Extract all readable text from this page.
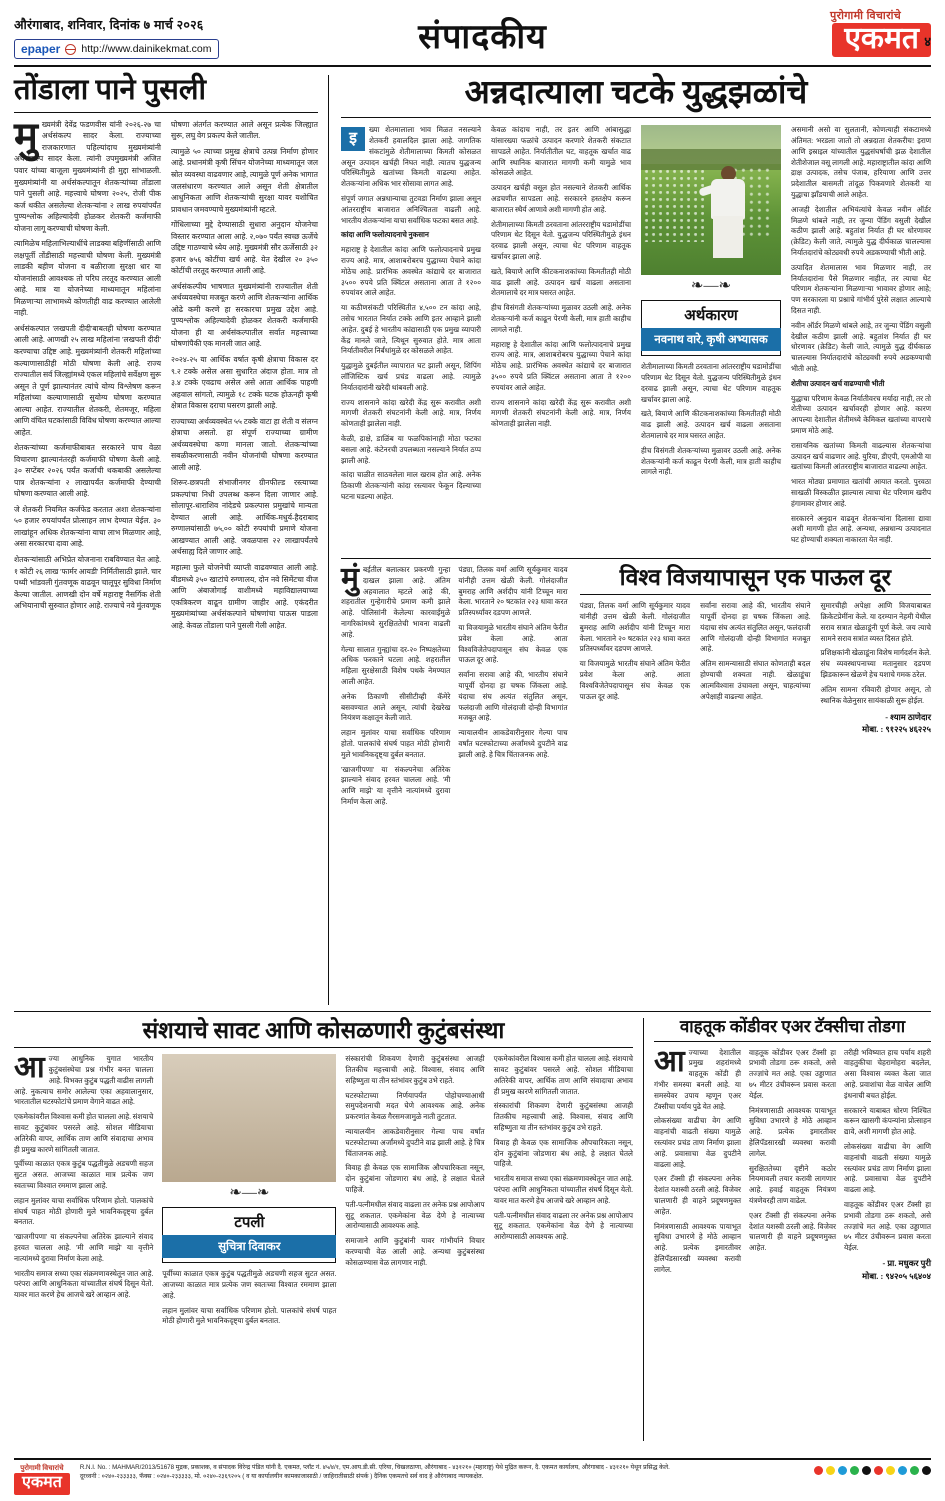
औरंगाबाद, शनिवार, दिनांक ७ मार्च २०२६
epaper http://www.dainikekmat.com	संपादकीय
पुरोगामी विचारांचे
एकमत ४
तोंडाला पाने पुसली

मुख्यमंत्री देवेंद्र फडणवीस यांनी २०२६-२७ चा अर्थसंकल्प सादर केला. राज्याच्या राजकारणात पहिल्यांदाच मुख्यमंत्र्यांनी अर्थसंकल्प सादर केला. त्यांनी उपमुख्यमंत्री अजित पवार यांच्या बाजूला मुख्यमंत्र्यांनी ही मुद्दा सांभाळली. मुख्यमंत्र्यांनी या अर्थसंकल्पातून शेतकऱ्यांच्या तोंडाला पाने पुसली आहे. महत्त्वाचे घोषणा २०२५, रोजी पीक कर्ज थकीत असलेल्या शेतकऱ्यांना २ लाख रुपयांपर्यंत पुण्यश्लोक अहिल्यादेवी होळकर शेतकरी कर्जमाफी योजना लागू करण्याची घोषणा केली.

त्यामिळेच महिलाभिल्याधींचे लाडक्या बहिणींसाठी आणि लक्षपूर्ती तोंडीसाठी महत्त्वाची घोषणा केली. मुख्यमंत्री लाडकी बहीण योजना व बळीराजा सुरक्षा धार या योजनांसाठी आवश्यक तो परिघ तरतूद करण्यात आली आहे. मात्र या योजनेच्या माध्यमातून महिलांना मिळणाऱ्या लाभामध्ये कोणतीही वाढ करण्यात आलेली नाही.

अर्थसंकल्पात 'लखपती दीदी'बाबतही घोषणा करण्यात आली आहे. आणखी २५ लाख महिलांना 'लखपती दीदी' करण्याचा उद्दिष्ट आहे. मुख्यमंत्र्यांनी शेतकरी महिलांच्या कल्याणासाठीही मोठी घोषणा केली आहे. राज्य राज्यातील सर्व जिल्ह्यांमध्ये एकल महिलांचे सर्वेक्षण सुरू असून ते पूर्ण झाल्यानंतर त्यांचे योग्य विश्लेषण करून महिलांच्या कल्याणासाठी सुयोग्य घोषणा करण्यात आल्या आहेत. राज्यातील शेतकरी, शेतमजूर, महिला आणि वंचित घटकांसाठी विविध घोषणा करण्यात आल्या आहेत.

शेतकऱ्यांच्या कर्जमाफीबाबत सरकारने पाच वेळा विचारणा झाल्यानंतरही कर्जमाफी घोषणा केली आहे. ३० सप्टेंबर २०२६ पर्यंत कर्जाची थकबाकी असलेल्या पात्र शेतकऱ्यांना २ लाखापर्यंत कर्जमाफी देण्याची घोषणा करण्यात आली आहे.

जे शेतकरी नियमित कर्जफेड करतात अशा शेतकऱ्यांना ५० हजार रुपयांपर्यंत प्रोत्साहन लाभ देण्यात येईल. ३० लाखांहून अधिक शेतकऱ्यांना याचा लाभ मिळणार आहे, असा सरकारचा दावा आहे.

शेतकऱ्यांसाठी अभिप्रेत योजनाना राबविण्यात येत आहे. १ कोटी २६ लाख 'फार्मर आयडी' निर्मितीसाठी झाले. चार पथ्यी भांडवली गुंतवणूक वाढवून चालूपूर सुविधा निर्माण केल्या जातील. आणखी दोन वर्षे महाराष्ट्र नैसर्गिक शेती अभियानाची सुरुवात होणार आहे. राज्याचे नवे मुंतवणूक घोषणा अंतर्गत करण्यात आले असून प्रत्येक जिल्ह्यात सुरू, लघु वेग प्रकल्प केले जातील.

त्यामुळे ५० त्याच्या प्रमुख क्षेत्राचे उत्पन्न निर्माण होणार आहे. प्रधानमंत्री कृषी सिंचन योजनेच्या माध्यमातून जल स्रोत व्यवस्था वाढवणार आहे, त्यामुळे पूर्ण अनेक भागात जलसंधारण करण्यात आले असून शेती क्षेत्रातील आधुनिकता आणि शेतकऱ्यांची सुरक्षा यावर यशोचित प्रावधान जमवण्याचे मुख्यमंत्र्यांनी म्हटले.

गोंधिलाच्या मुद्दे देण्यासाठी सुधारा अनुदान योजनेचा विस्तार करण्यात आला आहे. २,०७० पर्यंत स्वच्छ ऊर्जेचे उद्दिष्ट गाठण्याचे ध्येय आहे. मुख्यमंत्री सौर ऊर्जेसाठी ३२ हजार ७५६ कोटींचा खर्च आहे. येत देखील २० ३५० कोटींची तरतूद करण्यात आली आहे.

अर्थसंकल्पीय भाषणात मुख्यमंत्र्यांनी राज्यातील शेती अर्थव्यवस्थेचा मजबूत करणे आणि शेतकऱ्यांना आर्थिक ओढे कमी करणे हा सरकारचा प्रमुख उद्देश आहे. पुण्यश्लोक अहिल्यादेवी होळकर शेतकरी कर्जमाफी योजना ही या अर्थसंकल्पातील सर्वात महत्त्वाच्या घोषणांपैकी एक मानली जात आहे.

२०२४-२५ या आर्थिक वर्षात कृषी क्षेत्राचा विकास दर ९.२ टक्के असेल असा सुधारित अंदाज होता. मात्र तो ३.४ टक्के एवढाच असेल असे आता आर्थिक पाहणी अहवाल सांगतो, त्यामुळे १८ टक्के घटक होऊनही कृषी क्षेत्रात विकास दराचा घसरण झाली आहे.

राज्याच्या अर्थव्यवस्थेत ५५ टक्के वाटा हा शेती व संलग्न क्षेत्राचा असतो. हा संपूर्ण राज्याच्या ग्रामीण अर्थव्यवस्थेचा कणा मानला जातो. शेतकऱ्यांच्या सबळीकरणासाठी नवीन योजनांची घोषणा करण्यात आली आहे.

शिरूर-छत्रपती संभाजीनगर ग्रीनफील्ड रस्त्याच्या प्रकल्पांचा निधी उपलब्ध करून दिला जाणार आहे. सोलापूर-धाराशिव नांदेडचे प्रकल्पास प्रमुखांचे मान्यता देण्यात आली आहे. आर्थिक-मधुर्य-हैदराबाद रुग्णालयांसाठी ७५,०० कोटी रुपयांची प्रमाणे योजना आखण्यात आली आहे. जवळपास २२ लाखापर्यंतचे अर्थसाह्य दिले जाणार आहे.

महात्मा फुले योजनेची व्याप्ती वाढवण्यात आली आहे. बीडमध्ये ३५० खाटांचे रुग्णालय, दोन नवे सिमेंटचा वीज आणि अंबाजोगाई वाशीमध्ये महाविद्यालयाच्या एकत्रिकरण वाढून ग्रामीण जाहीर आहे. एकंदरीत मुख्यमंत्र्यांच्या अर्थसंकल्पाने घोषणांचा पाऊस पाडला आहे. केवळ तोंडाला पाने पुसली गेली आहेत.

अन्नदात्याला चटके युद्धझळांचे
इ

ख्या शेतमालाला भाव मिळत नसल्याने शेतकरी हवालदिल झाला आहे. जागतिक संकटांमुळे शेतीमालाच्या किमती कोसळत असून उत्पादन खर्चही निघत नाही. त्यातच युद्धजन्य परिस्थितीमुळे खतांच्या किमती वाढल्या आहेत. शेतकऱ्यांना अधिक भार सोसावा लागत आहे.

संपूर्ण जगात अन्नधान्याचा तुटवडा निर्माण झाला असून आंतरराष्ट्रीय बाजारात अनिश्चितता वाढली आहे. भारतीय शेतकऱ्यांना याचा सर्वाधिक फटका बसत आहे.

कांदा आणि फलोत्पादनाचे नुकसान

महाराष्ट्र हे देशातील कांदा आणि फलोत्पादनाचे प्रमुख राज्य आहे. मात्र, आशाबरोबरच युद्धाच्या पेचाने कांदा मोठेच आहे. प्रारंभिक अवस्थेत कांद्याचे दर बाजारात ३५०० रुपये प्रति क्विंटल असताना आता ते १२०० रुपयांवर आले आहेत.

या कठीणसंकटी परिस्थितीत ४,५०० टन कांदा आहे, तसेच भारतात निर्यात टक्के आणि इतर आव्हाने झाली आहेत. दुबई हे भारतीय कांद्यासाठी एक प्रमुख व्यापारी केंद्र मानले जाते, त्यिथून सुरुवात होते. मात्र आता निर्यातीवरील निर्बंधांमुळे दर कोसळले आहेत.

युद्धामुळे दुबईतील व्यापारात घट झाली असून, शिपिंग लॉजिस्टिक खर्च प्रचंड वाढला आहे. त्यामुळे निर्यातदारांनी खरेदी थांबवली आहे.

राज्य शासनाने कांदा खरेदी केंद्र सुरू करावीत अशी मागणी शेतकरी संघटनांनी केली आहे. मात्र, निर्णय कोणताही झालेला नाही.

केळी, द्राक्षे, डाळिंब या फळपिकांनाही मोठा फटका बसला आहे. कंटेनरची उपलब्धता नसल्याने निर्यात ठप्प झाली आहे.

कांदा चाळीत साठवलेला माल खराब होत आहे. अनेक ठिकाणी शेतकऱ्यांनी कांदा रस्त्यावर फेकून दिल्याच्या घटना घडल्या आहेत.

केवळ कांदाच नाही, तर इतर आणि आंबासुद्धा यांसारख्या फळांचे उत्पादन करणारे शेतकरी संकटात सापडले आहेत. निर्यातीतील घट, वाहतूक खर्चात वाढ आणि स्थानिक बाजारात मागणी कमी यामुळे भाव कोसळले आहेत.

उत्पादन खर्चही वसूल होत नसल्याने शेतकरी आर्थिक अडचणीत सापडला आहे. सरकारने हस्तक्षेप करून बाजारात स्थैर्य आणावे अशी मागणी होत आहे.

शेतीमालाच्या किमती ठरवताना आंतरराष्ट्रीय घडामोडींचा परिणाम थेट दिसून येतो. युद्धजन्य परिस्थितीमुळे इंधन दरवाढ झाली असून, त्याचा थेट परिणाम वाहतूक खर्चावर झाला आहे.

खते, बियाणे आणि कीटकनाशकांच्या किमतीतही मोठी वाढ झाली आहे. उत्पादन खर्च वाढला असताना शेतमालाचे दर मात्र घसरत आहेत.

हीच विसंगती शेतकऱ्यांच्या मुळावर उठली आहे. अनेक शेतकऱ्यांनी कर्ज काढून पेरणी केली, मात्र हाती काहीच लागले नाही.

महाराष्ट्र हे देशातील कांदा आणि फलोत्पादनाचे प्रमुख राज्य आहे. मात्र, आशाबरोबरच युद्धाच्या पेचाने कांदा मोठेच आहे. प्रारंभिक अवस्थेत कांद्याचे दर बाजारात ३५०० रुपये प्रति क्विंटल असताना आता ते १२०० रुपयांवर आले आहेत.

राज्य शासनाने कांदा खरेदी केंद्र सुरू करावीत अशी मागणी शेतकरी संघटनांनी केली आहे. मात्र, निर्णय कोणताही झालेला नाही.

❧—❧
अर्थकारण
नवनाथ वारे, कृषी अभ्यासक

शेतीमालाच्या किमती ठरवताना आंतरराष्ट्रीय घडामोडींचा परिणाम थेट दिसून येतो. युद्धजन्य परिस्थितीमुळे इंधन दरवाढ झाली असून, त्याचा थेट परिणाम वाहतूक खर्चावर झाला आहे.

खते, बियाणे आणि कीटकनाशकांच्या किमतीतही मोठी वाढ झाली आहे. उत्पादन खर्च वाढला असताना शेतमालाचे दर मात्र घसरत आहेत.

हीच विसंगती शेतकऱ्यांच्या मुळावर उठली आहे. अनेक शेतकऱ्यांनी कर्ज काढून पेरणी केली, मात्र हाती काहीच लागले नाही.

असमानी असो वा सुलतानी, कोणत्याही संकटामध्ये अंतिमत: भरडला जातो तो अन्नदाता शेतकरीच! इराण आणि इस्राइल यांच्यातील युद्धसंघर्षाची झळ देशातील शेतीशेजाल वसू लागली आहे. महाराष्ट्रातील कांदा आणि द्राक्ष उत्पादक, तसेच पंजाब, हरियाणा आणि उत्तर प्रदेशातील बासमती तांदूळ पिकवणारे शेतकरी या युद्धाचा झाँडयाची आले आहेत.

आजही देशातील अभियंत्यांचे केवळ नवीन ऑर्डर मिळणे थांबले नाही, तर जुन्या पेंडिंग वसुली देखील कठीण झाली आहे. बहुतांश निर्यात ही घर धोरणावर (क्रेडिट) केली जाते, त्यामुळे युद्ध दीर्घकाळ चालल्यास निर्यातदारांचे कोट्यवधी रुपये अडकण्याची भीती आहे.

उत्पादित शेतमालास भाव मिळणार नाही, तर निर्यातदारांना पैसे मिळणार नाहीत, तर त्याचा थेट परिणाम शेतकऱ्यांना मिळणाऱ्या भावावर होणार आहे; पण सरकारला या प्रश्नाचे गांभीर्य पुरेसे लक्षात आल्याचे दिसत नाही.

नवीन ऑर्डर मिळणे थांबले आहे, तर जुन्या पेंडिंग वसुली देखील कठीण झाली आहे. बहुतांश निर्यात ही घर धोरणावर (क्रेडिट) केली जाते, त्यामुळे युद्ध दीर्घकाळ चालल्यास निर्यातदारांचे कोट्यवधी रुपये अडकण्याची भीती आहे.

शेतीचा उत्पादन खर्च वाढण्याची भीती

युद्धाचा परिणाम केवळ निर्यातीवरच मर्यादा नाही, तर तो शेतीच्या उत्पादन खर्चावरही होणार आहे. कारण आपल्या देशातील शेतीमध्ये केमिकल खतांच्या वापराचे प्रमाण मोठे आहे.

रासायनिक खतांच्या किमती वाढल्यास शेतकऱ्यांचा उत्पादन खर्च वाढणार आहे. युरिया, डीएपी, एमओपी या खतांच्या किमती आंतरराष्ट्रीय बाजारात वाढल्या आहेत.

भारत मोठ्या प्रमाणात खतांची आयात करतो. पुरवठा साखळी विस्कळीत झाल्यास त्याचा थेट परिणाम खरीप हंगामावर होणार आहे.

सरकारने अनुदान वाढवून शेतकऱ्यांना दिलासा द्यावा अशी मागणी होत आहे. अन्यथा, अन्नधान्य उत्पादनात घट होण्याची शक्यता नाकारता येत नाही.

मुंबईतील बलात्कार प्रकरणी गुन्हा दाखल झाला आहे. अंतिम अहवालात म्हटले आहे की, शहरातील गुन्हेगारीचे प्रमाण कमी झाले आहे. पोलिसांनी केलेल्या कारवाईमुळे नागरिकांमध्ये सुरक्षिततेची भावना वाढली आहे.

गेल्या सालात गुन्ह्यांचा दर-२० निष्पक्षतेच्या अधिक फरकाने घटला आहे. शहरातील महिला सुरक्षेसाठी विशेष पथके नेमण्यात आली आहेत.

अनेक ठिकाणी सीसीटीव्ही कॅमेरे बसवण्यात आले असून, त्यांची देखरेख नियंत्रण कक्षातून केली जाते.

लहान मुलांवर याचा सर्वाधिक परिणाम होतो. पालकांचे संघर्ष पाहत मोठी होणारी मुले भावनिकदृष्ट्या दुर्बल बनतात.

'खाजगीपणा' या संकल्पनेचा अतिरेक झाल्याने संवाद हरवत चालला आहे. 'मी आणि माझे' या वृत्तीने नात्यांमध्ये दुरावा निर्माण केला आहे.

पंड्या, तिलक वर्मा आणि सूर्यकुमार यादव यांनीही उत्तम खेळी केली. गोलंदाजीत बुमराह आणि अर्शदीप यांनी टिच्चून मारा केला. भारताने २० षटकांत २२३ धावा करत प्रतिस्पर्ध्यांवर दडपण आणले.

या विजयामुळे भारतीय संघाने अंतिम फेरीत प्रवेश केला आहे. आता विश्वविजेतेपदापासून संघ केवळ एक पाऊल दूर आहे.

सर्वांना सरावा आहे की, भारतीय संघाने यापूर्वी दोनदा हा चषक जिंकला आहे. यंदाचा संघ अत्यंत संतुलित असून, फलंदाजी आणि गोलंदाजी दोन्ही विभागांत मजबूत आहे.

न्यायालयीन आकडेवारीनुसार गेल्या पाच वर्षांत घटस्फोटाच्या अर्जांमध्ये दुपटीने वाढ झाली आहे. हे चित्र चिंताजनक आहे.

विश्व विजयापासून एक पाऊल दूर

पंड्या, तिलक वर्मा आणि सूर्यकुमार यादव यांनीही उत्तम खेळी केली. गोलंदाजीत बुमराह आणि अर्शदीप यांनी टिच्चून मारा केला. भारताने २० षटकांत २२३ धावा करत प्रतिस्पर्ध्यांवर दडपण आणले.

या विजयामुळे भारतीय संघाने अंतिम फेरीत प्रवेश केला आहे. आता विश्वविजेतेपदापासून संघ केवळ एक पाऊल दूर आहे.

सर्वांना सरावा आहे की, भारतीय संघाने यापूर्वी दोनदा हा चषक जिंकला आहे. यंदाचा संघ अत्यंत संतुलित असून, फलंदाजी आणि गोलंदाजी दोन्ही विभागांत मजबूत आहे.

अंतिम सामन्यासाठी संघात कोणताही बदल होण्याची शक्यता नाही. खेळाडूंचा आत्मविश्वास उंचावला असून, चाहत्यांच्या अपेक्षाही वाढल्या आहेत.

सुमारचीही अपेक्षा आणि विजयाबाबत क्रिकेटप्रेमींना केले. या दरम्यान नेहमी येथील सराव सत्रात खेळाडूंनी पूर्ण केले. जय त्याचे सामने सराव सत्रांत व्यस्त दिसत होते.

प्रशिक्षकांनी खेळाडूंना विशेष मार्गदर्शन केले. संघ व्यवस्थापनाच्या मतानुसार दडपण झिडकारून खेळणे हेच यशाचे गमक ठरेल.

अंतिम सामना रविवारी होणार असून, तो स्थानिक वेळेनुसार सायंकाळी सुरू होईल.

- श्याम ठाणेदार
मोबा. : ९१२२५ ४६२२५
संशयाचे सावट आणि कोसळणारी कुटुंबसंस्था

आज्या आधुनिक युगात भारतीय कुटुंबसंस्थेचा प्रश्न गंभीर बनत चालला आहे. विभक्त कुटुंब पद्धती वाढीस लागली आहे. नुकत्याच समोर आलेल्या एका अहवालानुसार, भारतातील घटस्फोटांचे प्रमाण वेगाने वाढत आहे.

एकमेकांवरील विश्वास कमी होत चालला आहे. संशयाचे सावट कुटुंबांवर पसरले आहे. सोशल मीडियाचा अतिरेकी वापर, आर्थिक ताण आणि संवादाचा अभाव ही प्रमुख कारणे सांगितली जातात.

पूर्वीच्या काळात एकत्र कुटुंब पद्धतीमुळे अडचणी सहज सुटत असत. आजच्या काळात मात्र प्रत्येक जण स्वतःच्या विश्वात रममाण झाला आहे.

लहान मुलांवर याचा सर्वाधिक परिणाम होतो. पालकांचे संघर्ष पाहत मोठी होणारी मुले भावनिकदृष्ट्या दुर्बल बनतात.

'खाजगीपणा' या संकल्पनेचा अतिरेक झाल्याने संवाद हरवत चालला आहे. 'मी आणि माझे' या वृत्तीने नात्यांमध्ये दुरावा निर्माण केला आहे.

भारतीय समाज सध्या एका संक्रमणावस्थेतून जात आहे. परंपरा आणि आधुनिकता यांच्यातील संघर्ष दिसून येतो. यावर मात करणे हेच आजचे खरे आव्हान आहे.

❧—❧
टपली
सुचित्रा दिवाकर

पूर्वीच्या काळात एकत्र कुटुंब पद्धतीमुळे अडचणी सहज सुटत असत. आजच्या काळात मात्र प्रत्येक जण स्वतःच्या विश्वात रममाण झाला आहे.

लहान मुलांवर याचा सर्वाधिक परिणाम होतो. पालकांचे संघर्ष पाहत मोठी होणारी मुले भावनिकदृष्ट्या दुर्बल बनतात.

संस्कारांची शिकवण देणारी कुटुंबसंस्था आजही तितकीच महत्त्वाची आहे. विश्वास, संवाद आणि सहिष्णुता या तीन स्तंभांवर कुटुंब उभे राहते.

घटस्फोटाच्या निर्णयापर्यंत पोहोचण्याआधी समुपदेशनाची मदत घेणे आवश्यक आहे. अनेक प्रकरणांत केवळ गैरसमजामुळे नाती तुटतात.

न्यायालयीन आकडेवारीनुसार गेल्या पाच वर्षांत घटस्फोटाच्या अर्जांमध्ये दुपटीने वाढ झाली आहे. हे चित्र चिंताजनक आहे.

विवाह ही केवळ एक सामाजिक औपचारिकता नसून, दोन कुटुंबांना जोडणारा बंध आहे, हे लक्षात घेतले पाहिजे.

पती-पत्नीमधील संवाद वाढला तर अनेक प्रश्न आपोआप सुटू शकतात. एकमेकांना वेळ देणे हे नात्याच्या आरोग्यासाठी आवश्यक आहे.

समाजाने आणि कुटुंबांनी यावर गांभीर्याने विचार करण्याची वेळ आली आहे. अन्यथा कुटुंबसंस्था कोसळण्यास वेळ लागणार नाही.

एकमेकांवरील विश्वास कमी होत चालला आहे. संशयाचे सावट कुटुंबांवर पसरले आहे. सोशल मीडियाचा अतिरेकी वापर, आर्थिक ताण आणि संवादाचा अभाव ही प्रमुख कारणे सांगितली जातात.

संस्कारांची शिकवण देणारी कुटुंबसंस्था आजही तितकीच महत्त्वाची आहे. विश्वास, संवाद आणि सहिष्णुता या तीन स्तंभांवर कुटुंब उभे राहते.

विवाह ही केवळ एक सामाजिक औपचारिकता नसून, दोन कुटुंबांना जोडणारा बंध आहे, हे लक्षात घेतले पाहिजे.

भारतीय समाज सध्या एका संक्रमणावस्थेतून जात आहे. परंपरा आणि आधुनिकता यांच्यातील संघर्ष दिसून येतो. यावर मात करणे हेच आजचे खरे आव्हान आहे.

पती-पत्नीमधील संवाद वाढला तर अनेक प्रश्न आपोआप सुटू शकतात. एकमेकांना वेळ देणे हे नात्याच्या आरोग्यासाठी आवश्यक आहे.

वाहतूक कोंडीवर एअर टॅक्सीचा तोडगा

आज्याच्या देशातील प्रमुख शहरांमध्ये वाहतूक कोंडी ही गंभीर समस्या बनली आहे. या समस्येवर उपाय म्हणून एअर टॅक्सीचा पर्याय पुढे येत आहे.

लोकसंख्या वाढीचा वेग आणि वाहनांची वाढती संख्या यामुळे रस्त्यांवर प्रचंड ताण निर्माण झाला आहे. प्रवासाचा वेळ दुपटीने वाढला आहे.

एअर टॅक्सी ही संकल्पना अनेक देशांत यशस्वी ठरली आहे. विजेवर चालणारी ही वाहने प्रदूषणमुक्त आहेत.

निमंत्रणासाठी आवश्यक पायाभूत सुविधा उभारणे हे मोठे आव्हान आहे. प्रत्येक इमारतीवर हेलिपॅडसारखी व्यवस्था करावी लागेल.

वाहतूक कोंडीवर एअर टॅक्सी हा प्रभावी तोडगा ठरू शकतो, असे तज्ज्ञांचे मत आहे. एका उड्डाणात ७५ मीटर उंचीवरून प्रवास करता येईल.

निमंत्रणासाठी आवश्यक पायाभूत सुविधा उभारणे हे मोठे आव्हान आहे. प्रत्येक इमारतीवर हेलिपॅडसारखी व्यवस्था करावी लागेल.

सुरक्षिततेच्या दृष्टीने कठोर नियमावली तयार करावी लागणार आहे. हवाई वाहतूक नियंत्रण यंत्रणेवरही ताण वाढेल.

एअर टॅक्सी ही संकल्पना अनेक देशांत यशस्वी ठरली आहे. विजेवर चालणारी ही वाहने प्रदूषणमुक्त आहेत.

तरीही भविष्यात हाच पर्याय शहरी वाहतुकीचा चेहरामोहरा बदलेल, असा विश्वास व्यक्त केला जात आहे. प्रवाशांचा वेळ वाचेल आणि इंधनाची बचत होईल.

सरकारने याबाबत धोरण निश्चित करून खासगी कंपन्यांना प्रोत्साहन द्यावे, अशी मागणी होत आहे.

लोकसंख्या वाढीचा वेग आणि वाहनांची वाढती संख्या यामुळे रस्त्यांवर प्रचंड ताण निर्माण झाला आहे. प्रवासाचा वेळ दुपटीने वाढला आहे.

वाहतूक कोंडीवर एअर टॅक्सी हा प्रभावी तोडगा ठरू शकतो, असे तज्ज्ञांचे मत आहे. एका उड्डाणात ७५ मीटर उंचीवरून प्रवास करता येईल.

- प्रा. मधुकर पुरी
मोबा. : ९४२०५ ५६४०४
पुरोगामी विचारांचे
एकमत
R.N.I. No. : MAHMAR/2013/51678 मुद्रक, प्रकाशक, व संपादक विरेन्द्र पंडित यांनी दै. एकमत, प्लॉट नं. ४५/४/१, एम.आय.डी.सी. एरिया, चिखलठाणा, औरंगाबाद - ४३१२१० (महाराष्ट्र) येथे मुद्रित करून, दै. एकमत कार्यालय, औरंगाबाद - ४३१२१० येथून प्रसिद्ध केले.
दूरध्वनी : ०२४०-२३३३३३, फॅक्स : ०२४०-२३३३३३, मो. ०२४०-२३६९२०५ ( व या कार्यालयीन कामकाजासाठी / जाहिरातीसाठी संपर्क ) दैनिक एकमतचे सर्व वाद हे औरंगाबाद न्यायकक्षेत.
